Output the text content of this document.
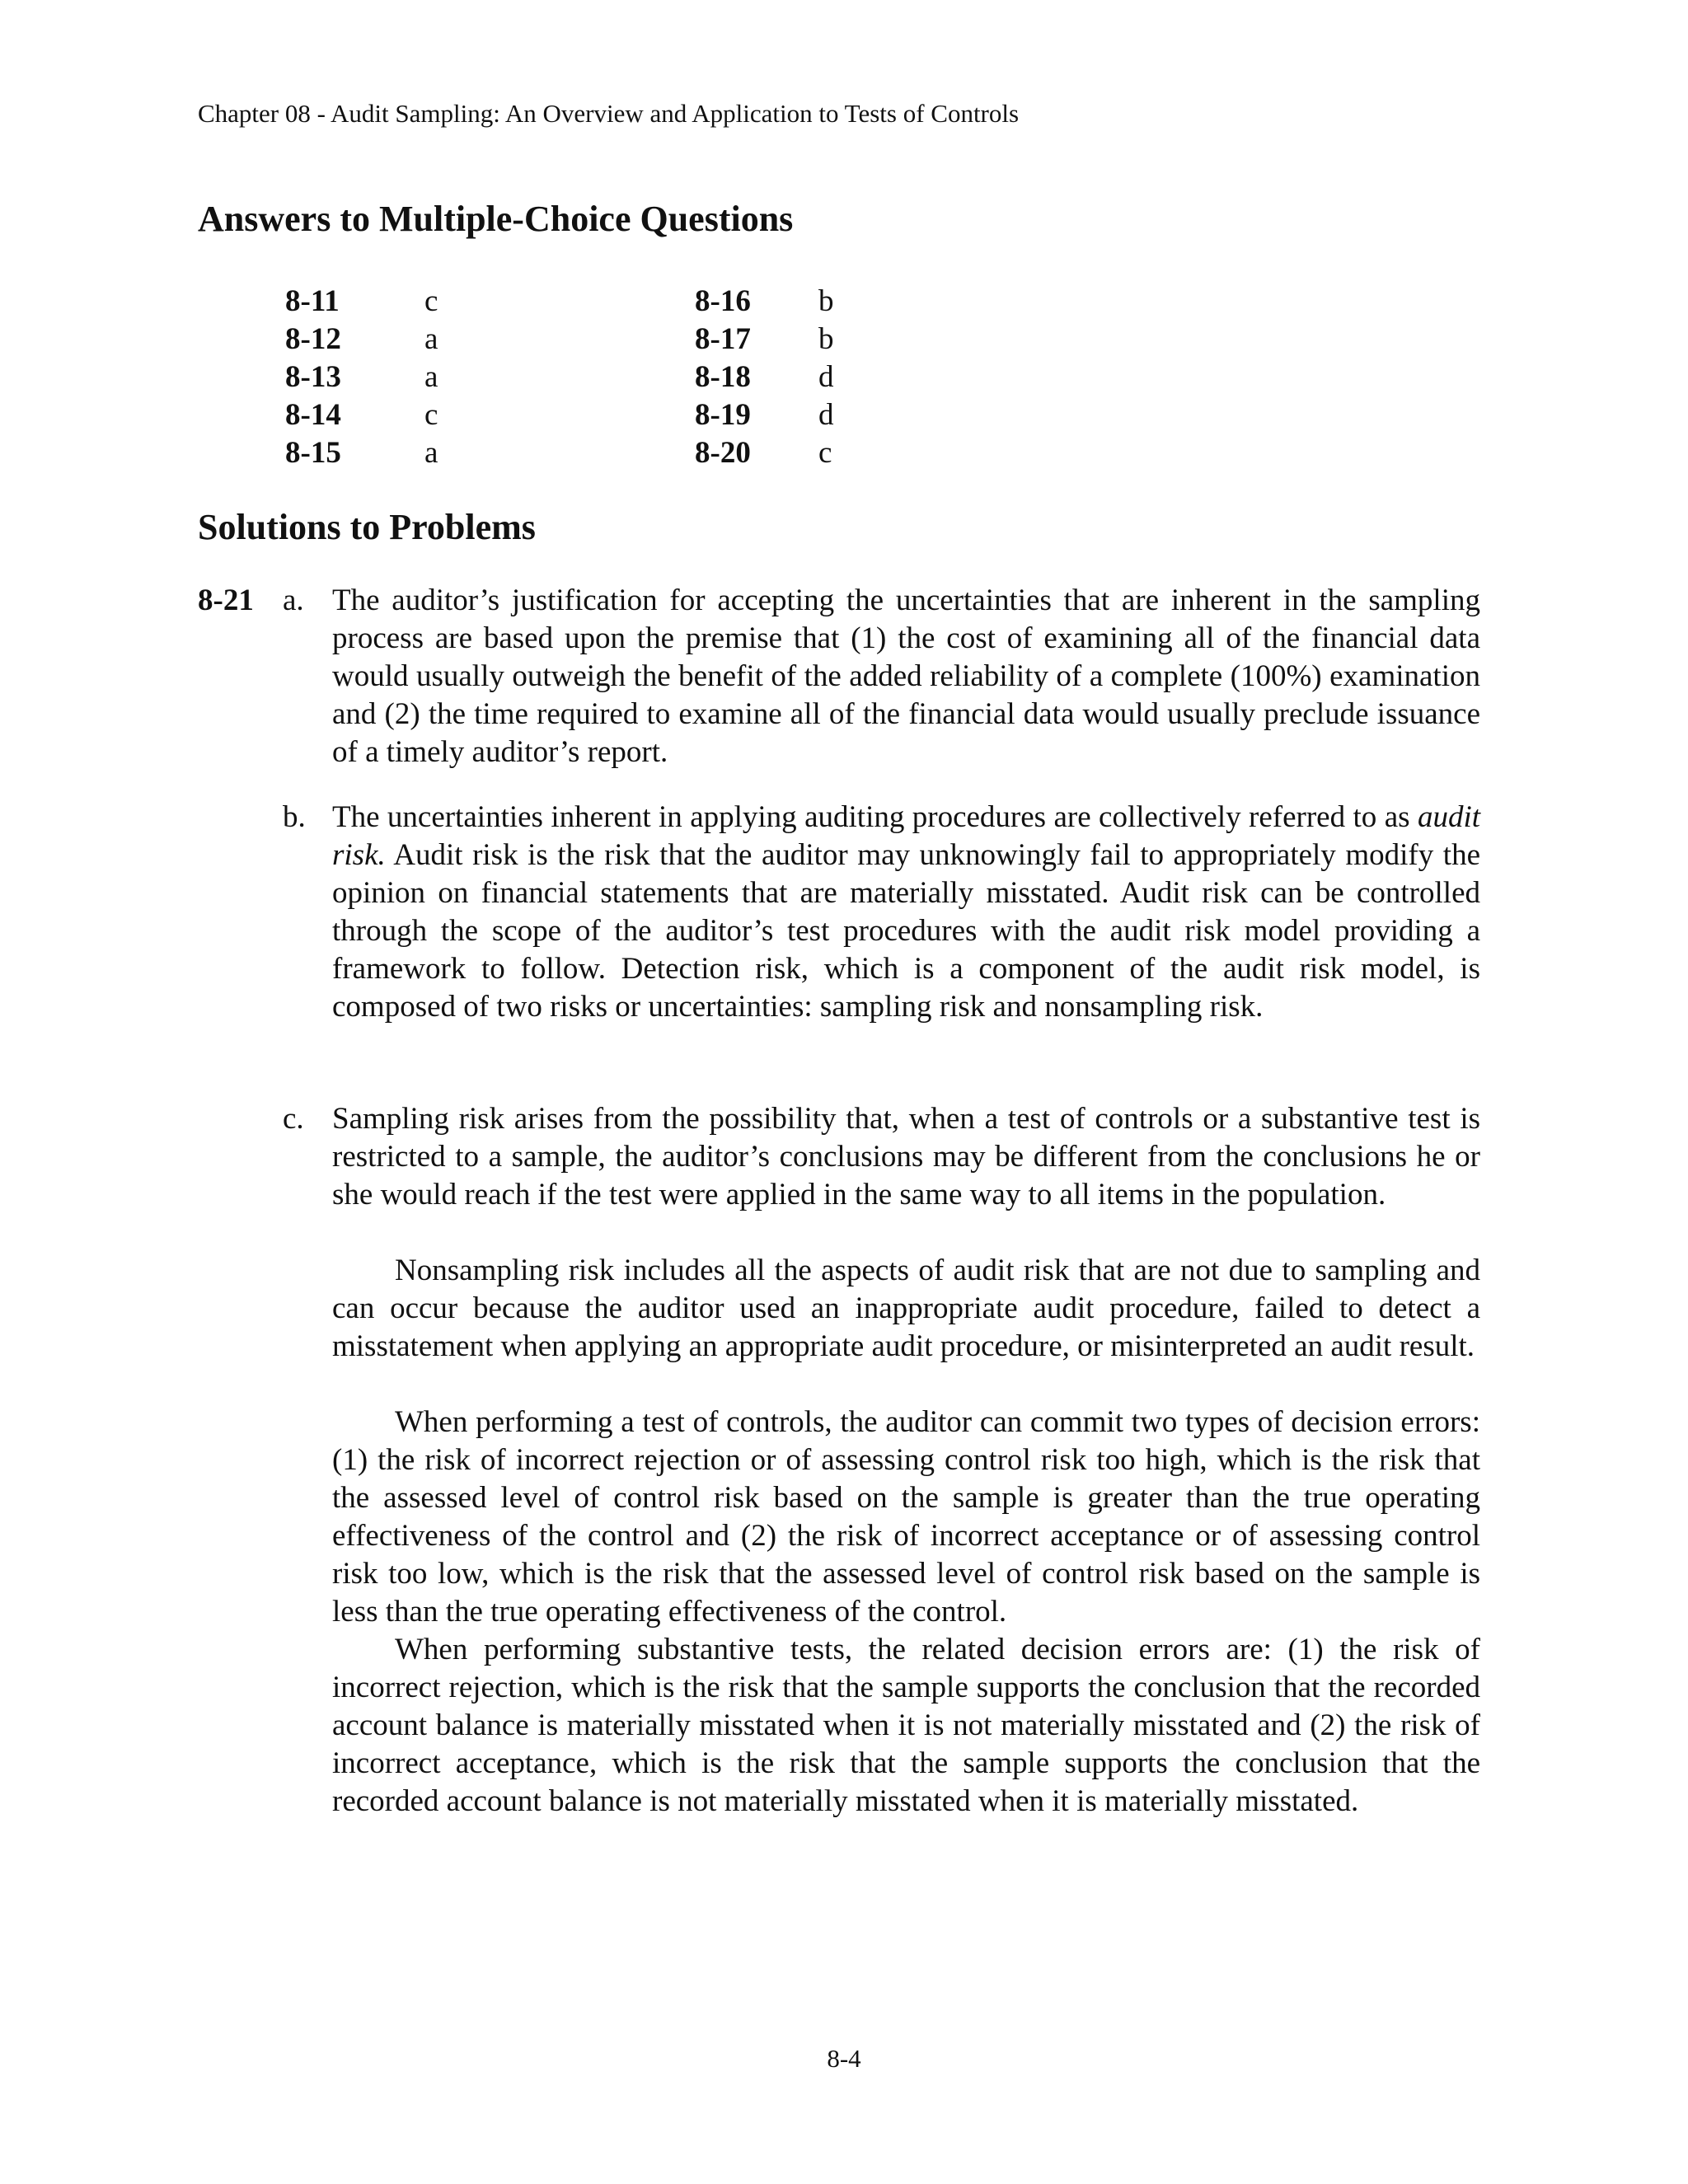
Chapter 08 - Audit Sampling: An Overview and Application to Tests of Controls
Answers to Multiple-Choice Questions
8-11	c	8-16 b
8-12	a	8-17 b
8-13	a	8-18 d
8-14	c	8-19 d
8-15	a	8-20 c
Solutions to Problems
8-21 a. The auditor’s justification for accepting the uncertainties that are inherent in the sampling process are based upon the premise that (1) the cost of examining all of the financial data would usually outweigh the benefit of the added reliability of a complete (100%) examination and (2) the time required to examine all of the financial data would usually preclude issuance of a timely auditor’s report.

b. The uncertainties inherent in applying auditing procedures are collectively referred to as audit risk. Audit risk is the risk that the auditor may unknowingly fail to appropriately modify the opinion on financial statements that are materially misstated. Audit risk can be controlled through the scope of the auditor’s test procedures with the audit risk model providing a framework to follow. Detection risk, which is a component of the audit risk model, is composed of two risks or uncertainties: sampling risk and nonsampling risk.

c. Sampling risk arises from the possibility that, when a test of controls or a substantive test is restricted to a sample, the auditor’s conclusions may be different from the conclusions he or she would reach if the test were applied in the same way to all items in the population.

Nonsampling risk includes all the aspects of audit risk that are not due to sampling and can occur because the auditor used an inappropriate audit procedure, failed to detect a misstatement when applying an appropriate audit procedure, or misinterpreted an audit result.

When performing a test of controls, the auditor can commit two types of decision errors: (1) the risk of incorrect rejection or of assessing control risk too high, which is the risk that the assessed level of control risk based on the sample is greater than the true operating effectiveness of the control and (2) the risk of incorrect acceptance or of assessing control risk too low, which is the risk that the assessed level of control risk based on the sample is less than the true operating effectiveness of the control.

When performing substantive tests, the related decision errors are: (1) the risk of incorrect rejection, which is the risk that the sample supports the conclusion that the recorded account balance is materially misstated when it is not materially misstated and (2) the risk of incorrect acceptance, which is the risk that the sample supports the conclusion that the recorded account balance is not materially misstated when it is materially misstated.

8-4
